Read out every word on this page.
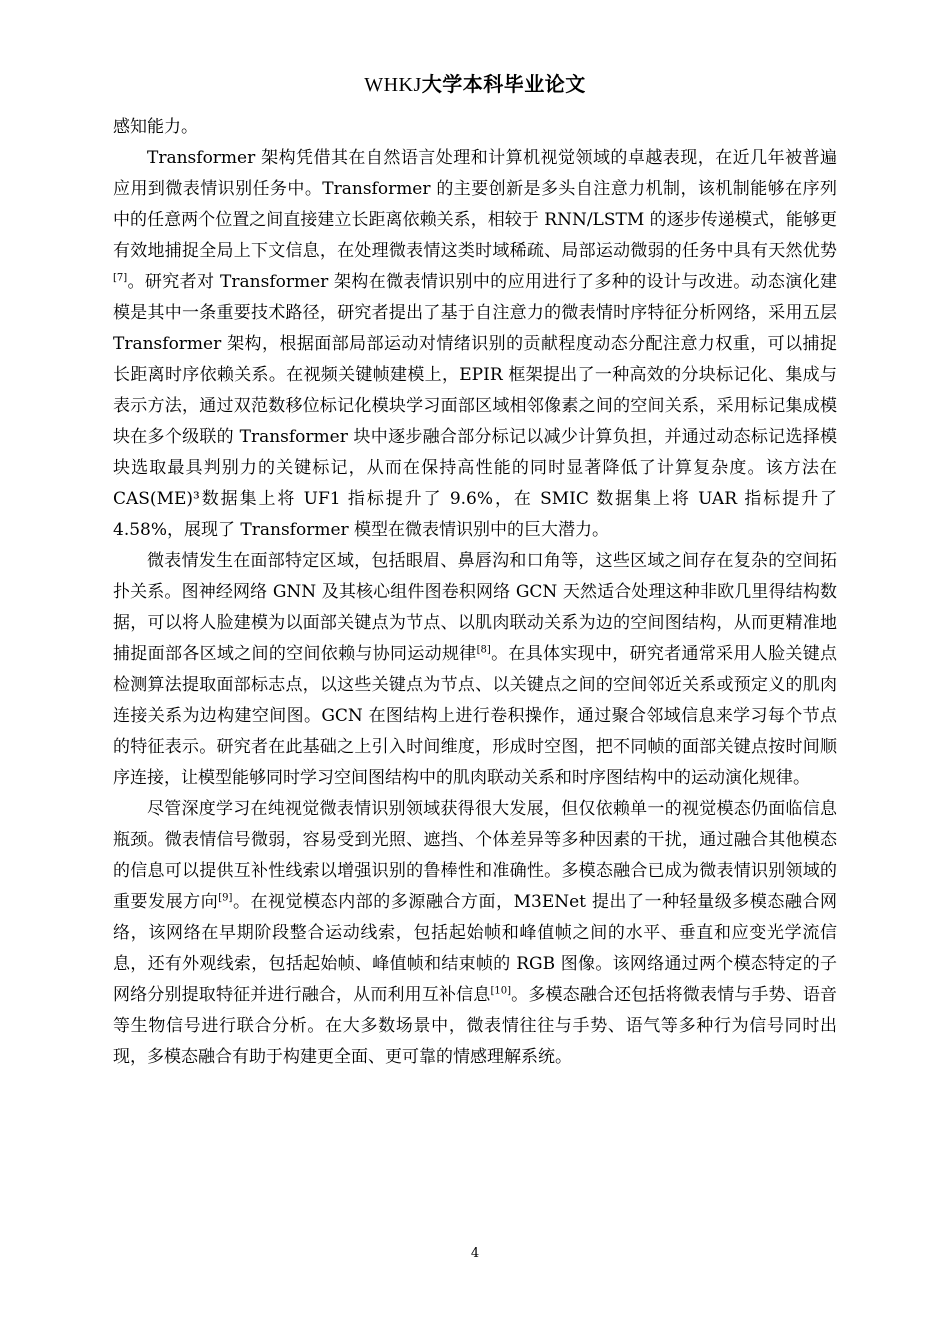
WHKJ大学本科毕业论文

感知能力。

Transformer 架构凭借其在自然语言处理和计算机视觉领域的卓越表现，在近几年被普遍应用到微表情识别任务中。Transformer 的主要创新是多头自注意力机制，该机制能够在序列中的任意两个位置之间直接建立长距离依赖关系，相较于 RNN/LSTM 的逐步传递模式，能够更有效地捕捉全局上下文信息，在处理微表情这类时域稀疏、局部运动微弱的任务中具有天然优势[7]。研究者对 Transformer 架构在微表情识别中的应用进行了多种的设计与改进。动态演化建模是其中一条重要技术路径，研究者提出了基于自注意力的微表情时序特征分析网络，采用五层 Transformer 架构，根据面部局部运动对情绪识别的贡献程度动态分配注意力权重，可以捕捉长距离时序依赖关系。在视频关键帧建模上，EPIR 框架提出了一种高效的分块标记化、集成与表示方法，通过双范数移位标记化模块学习面部区域相邻像素之间的空间关系，采用标记集成模块在多个级联的 Transformer 块中逐步融合部分标记以减少计算负担，并通过动态标记选择模块选取最具判别力的关键标记，从而在保持高性能的同时显著降低了计算复杂度。该方法在 CAS(ME)³数据集上将 UF1 指标提升了 9.6%，在 SMIC 数据集上将 UAR 指标提升了 4.58%，展现了 Transformer 模型在微表情识别中的巨大潜力。

微表情发生在面部特定区域，包括眼眉、鼻唇沟和口角等，这些区域之间存在复杂的空间拓扑关系。图神经网络 GNN 及其核心组件图卷积网络 GCN 天然适合处理这种非欧几里得结构数据，可以将人脸建模为以面部关键点为节点、以肌肉联动关系为边的空间图结构，从而更精准地捕捉面部各区域之间的空间依赖与协同运动规律[8]。在具体实现中，研究者通常采用人脸关键点检测算法提取面部标志点，以这些关键点为节点、以关键点之间的空间邻近关系或预定义的肌肉连接关系为边构建空间图。GCN 在图结构上进行卷积操作，通过聚合邻域信息来学习每个节点的特征表示。研究者在此基础之上引入时间维度，形成时空图，把不同帧的面部关键点按时间顺序连接，让模型能够同时学习空间图结构中的肌肉联动关系和时序图结构中的运动演化规律。

尽管深度学习在纯视觉微表情识别领域获得很大发展，但仅依赖单一的视觉模态仍面临信息瓶颈。微表情信号微弱，容易受到光照、遮挡、个体差异等多种因素的干扰，通过融合其他模态的信息可以提供互补性线索以增强识别的鲁棒性和准确性。多模态融合已成为微表情识别领域的重要发展方向[9]。在视觉模态内部的多源融合方面，M3ENet 提出了一种轻量级多模态融合网络，该网络在早期阶段整合运动线索，包括起始帧和峰值帧之间的水平、垂直和应变光学流信息，还有外观线索，包括起始帧、峰值帧和结束帧的 RGB 图像。该网络通过两个模态特定的子网络分别提取特征并进行融合，从而利用互补信息[10]。多模态融合还包括将微表情与手势、语音等生物信号进行联合分析。在大多数场景中，微表情往往与手势、语气等多种行为信号同时出现，多模态融合有助于构建更全面、更可靠的情感理解系统。

4
